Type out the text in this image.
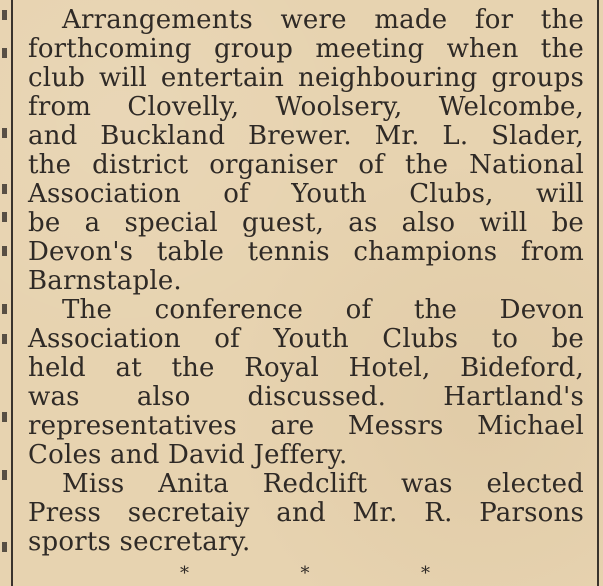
Arrangements were made for the
forthcoming group meeting when the
club will entertain neighbouring groups
from Clovelly, Woolsery, Welcombe,
and Buckland Brewer. Mr. L. Slader,
the district organiser of the National
Association of Youth Clubs, will
be a special guest, as also will be
Devon's table tennis champions from
Barnstaple.

The conference of the Devon
Association of Youth Clubs to be
held at the Royal Hotel, Bideford,
was also discussed. Hartland's
representatives are Messrs Michael
Coles and David Jeffery.

Miss Anita Redclift was elected
Press secretaiy and Mr. R. Parsons
sports secretary.

*	*	*
